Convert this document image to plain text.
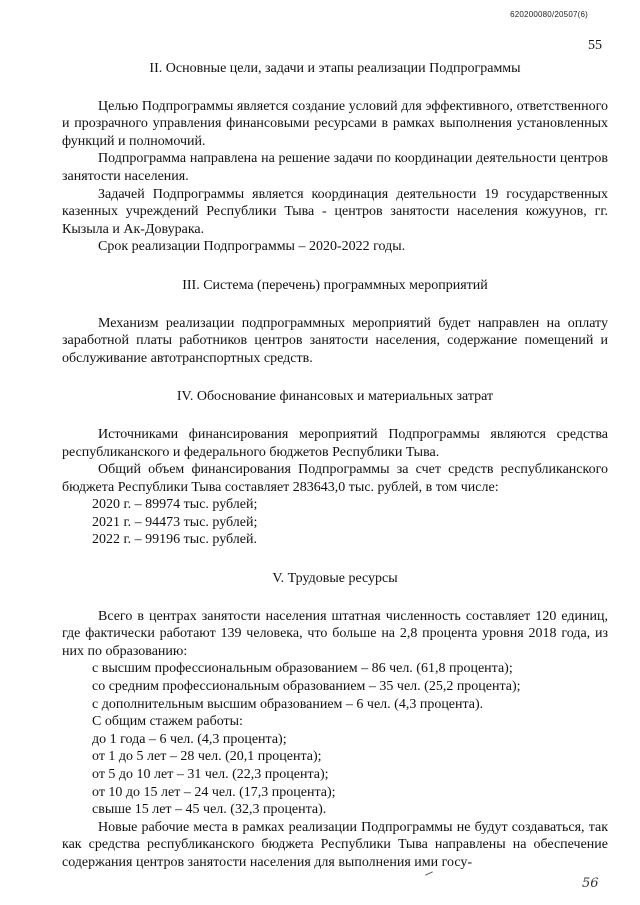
620200080/20507(6)
55

II. Основные цели, задачи и этапы реализации Подпрограммы

Целью Подпрограммы является создание условий для эффективного, ответственного и прозрачного управления финансовыми ресурсами в рамках выполнения установленных функций и полномочий.

Подпрограмма направлена на решение задачи по координации деятельности центров занятости населения.

Задачей Подпрограммы является координация деятельности 19 государственных казенных учреждений Республики Тыва - центров занятости населения кожуунов, гг. Кызыла и Ак-Довурака.

Срок реализации Подпрограммы – 2020-2022 годы.

III. Система (перечень) программных мероприятий

Механизм реализации подпрограммных мероприятий будет направлен на оплату заработной платы работников центров занятости населения, содержание помещений и обслуживание автотранспортных средств.

IV. Обоснование финансовых и материальных затрат

Источниками финансирования мероприятий Подпрограммы являются средства республиканского и федерального бюджетов Республики Тыва.

Общий объем финансирования Подпрограммы за счет средств республиканского бюджета Республики Тыва составляет 283643,0 тыс. рублей, в том числе:

2020 г. – 89974 тыс. рублей;

2021 г. – 94473 тыс. рублей;

2022 г. – 99196 тыс. рублей.

V. Трудовые ресурсы

Всего в центрах занятости населения штатная численность составляет 120 единиц, где фактически работают 139 человека, что больше на 2,8 процента уровня 2018 года, из них по образованию:

с высшим профессиональным образованием – 86 чел. (61,8 процента);

со средним профессиональным образованием – 35 чел. (25,2 процента);

с дополнительным высшим образованием – 6 чел. (4,3 процента).

С общим стажем работы:

до 1 года – 6 чел. (4,3 процента);

от 1 до 5 лет – 28 чел. (20,1 процента);

от 5 до 10 лет – 31 чел. (22,3 процента);

от 10 до 15 лет – 24 чел. (17,3 процента);

свыше 15 лет – 45 чел. (32,3 процента).

Новые рабочие места в рамках реализации Подпрограммы не будут создаваться, так как средства республиканского бюджета Республики Тыва направлены на обеспечение содержания центров занятости населения для выполнения ими госу-

56
